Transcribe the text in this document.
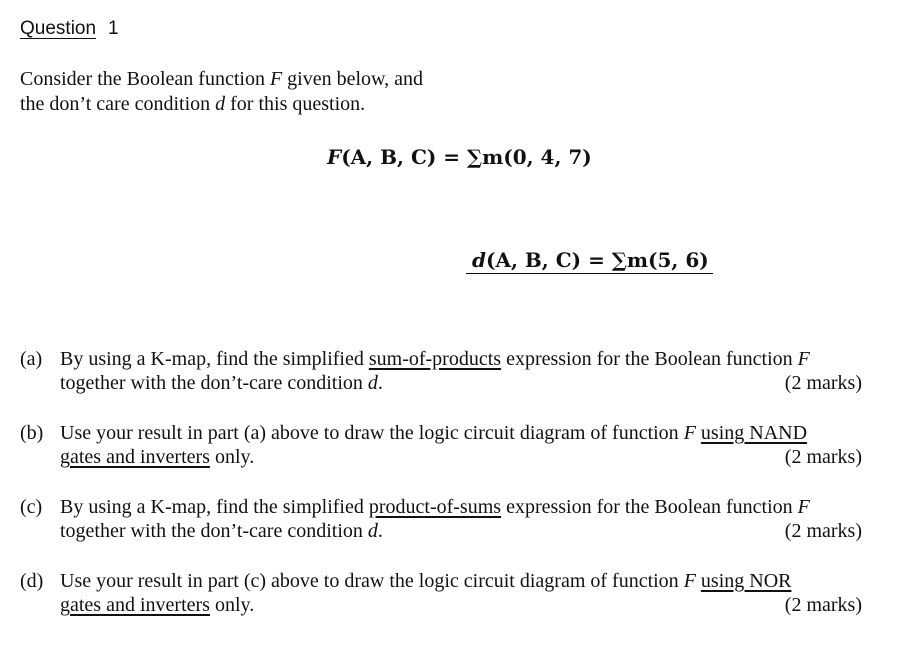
Question 1
Consider the Boolean function F given below, and
the don’t care condition d for this question.
F(A, B, C) = ∑m(0, 4, 7)
d(A, B, C) = ∑m(5, 6)
(a) By using a K-map, find the simplified sum-of-products expression for the Boolean function F
together with the don’t-care condition d.	(2 marks)
(b) Use your result in part (a) above to draw the logic circuit diagram of function F using NAND
gates and inverters only.	(2 marks)
(c) By using a K-map, find the simplified product-of-sums expression for the Boolean function F
together with the don’t-care condition d.	(2 marks)
(d) Use your result in part (c) above to draw the logic circuit diagram of function F using NOR
gates and inverters only.	(2 marks)
